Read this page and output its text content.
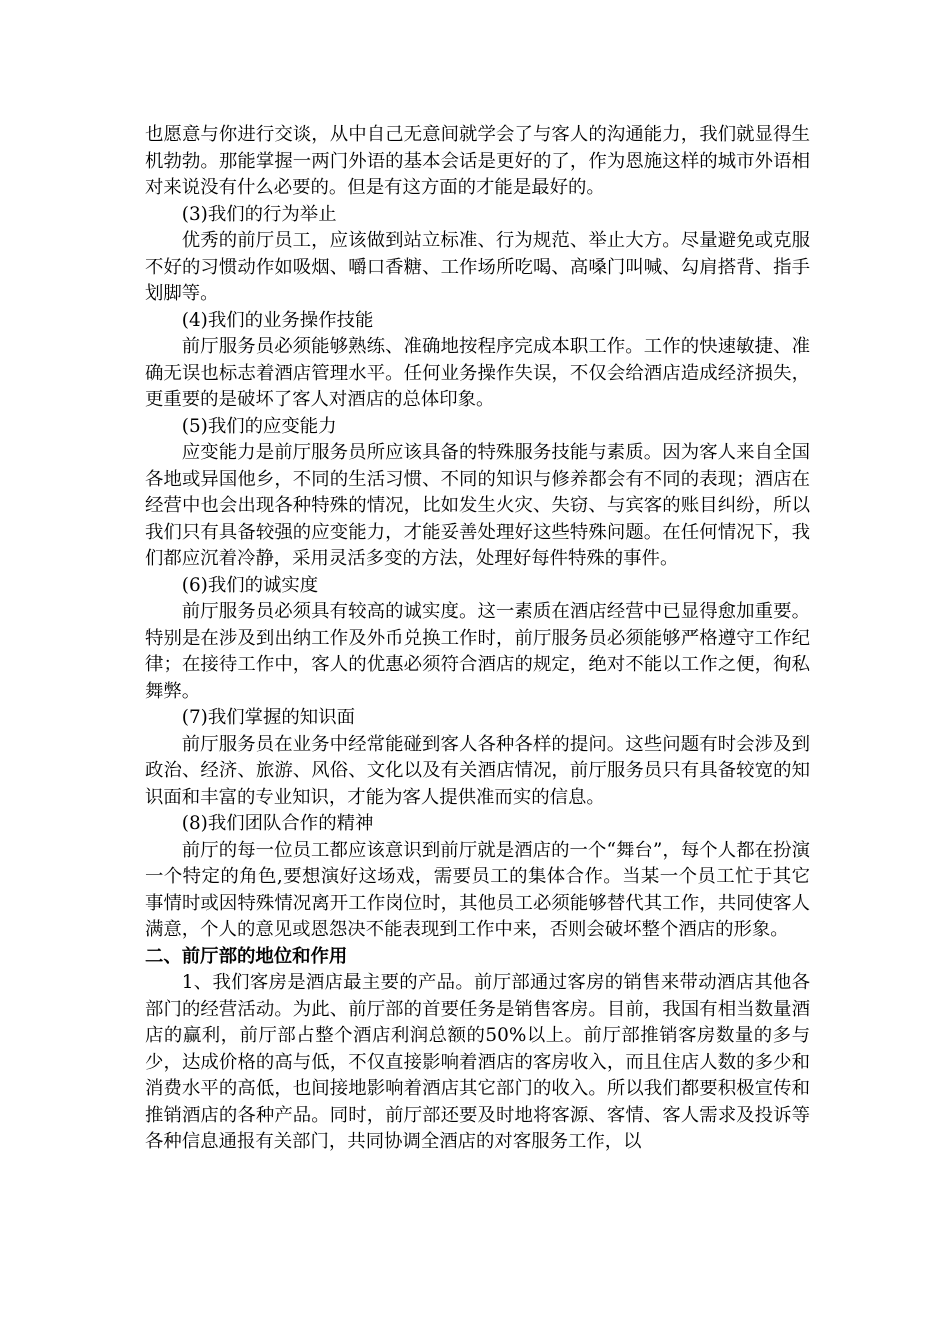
也愿意与你进行交谈，从中自己无意间就学会了与客人的沟通能力，我们就显得生机勃勃。那能掌握一两门外语的基本会话是更好的了，作为恩施这样的城市外语相对来说没有什么必要的。但是有这方面的才能是最好的。

(3)我们的行为举止

优秀的前厅员工，应该做到站立标准、行为规范、举止大方。尽量避免或克服不好的习惯动作如吸烟、嚼口香糖、工作场所吃喝、高嗓门叫喊、勾肩搭背、指手划脚等。

(4)我们的业务操作技能

前厅服务员必须能够熟练、准确地按程序完成本职工作。工作的快速敏捷、准确无误也标志着酒店管理水平。任何业务操作失误，不仅会给酒店造成经济损失，更重要的是破坏了客人对酒店的总体印象。

(5)我们的应变能力

应变能力是前厅服务员所应该具备的特殊服务技能与素质。因为客人来自全国各地或异国他乡，不同的生活习惯、不同的知识与修养都会有不同的表现；酒店在经营中也会出现各种特殊的情况，比如发生火灾、失窃、与宾客的账目纠纷，所以我们只有具备较强的应变能力，才能妥善处理好这些特殊问题。在任何情况下，我们都应沉着冷静，采用灵活多变的方法，处理好每件特殊的事件。

(6)我们的诚实度

前厅服务员必须具有较高的诚实度。这一素质在酒店经营中已显得愈加重要。特别是在涉及到出纳工作及外币兑换工作时，前厅服务员必须能够严格遵守工作纪律；在接待工作中，客人的优惠必须符合酒店的规定，绝对不能以工作之便，徇私舞弊。

(7)我们掌握的知识面

前厅服务员在业务中经常能碰到客人各种各样的提问。这些问题有时会涉及到政治、经济、旅游、风俗、文化以及有关酒店情况，前厅服务员只有具备较宽的知识面和丰富的专业知识，才能为客人提供准而实的信息。

(8)我们团队合作的精神

前厅的每一位员工都应该意识到前厅就是酒店的一个“舞台”，每个人都在扮演一个特定的角色,要想演好这场戏，需要员工的集体合作。当某一个员工忙于其它事情时或因特殊情况离开工作岗位时，其他员工必须能够替代其工作，共同使客人满意，个人的意见或恩怨决不能表现到工作中来，否则会破坏整个酒店的形象。

二、前厅部的地位和作用

1、我们客房是酒店最主要的产品。前厅部通过客房的销售来带动酒店其他各部门的经营活动。为此、前厅部的首要任务是销售客房。目前，我国有相当数量酒店的赢利，前厅部占整个酒店利润总额的50%以上。前厅部推销客房数量的多与少，达成价格的高与低，不仅直接影响着酒店的客房收入，而且住店人数的多少和消费水平的高低，也间接地影响着酒店其它部门的收入。所以我们都要积极宣传和推销酒店的各种产品。同时，前厅部还要及时地将客源、客情、客人需求及投诉等各种信息通报有关部门，共同协调全酒店的对客服务工作，以
